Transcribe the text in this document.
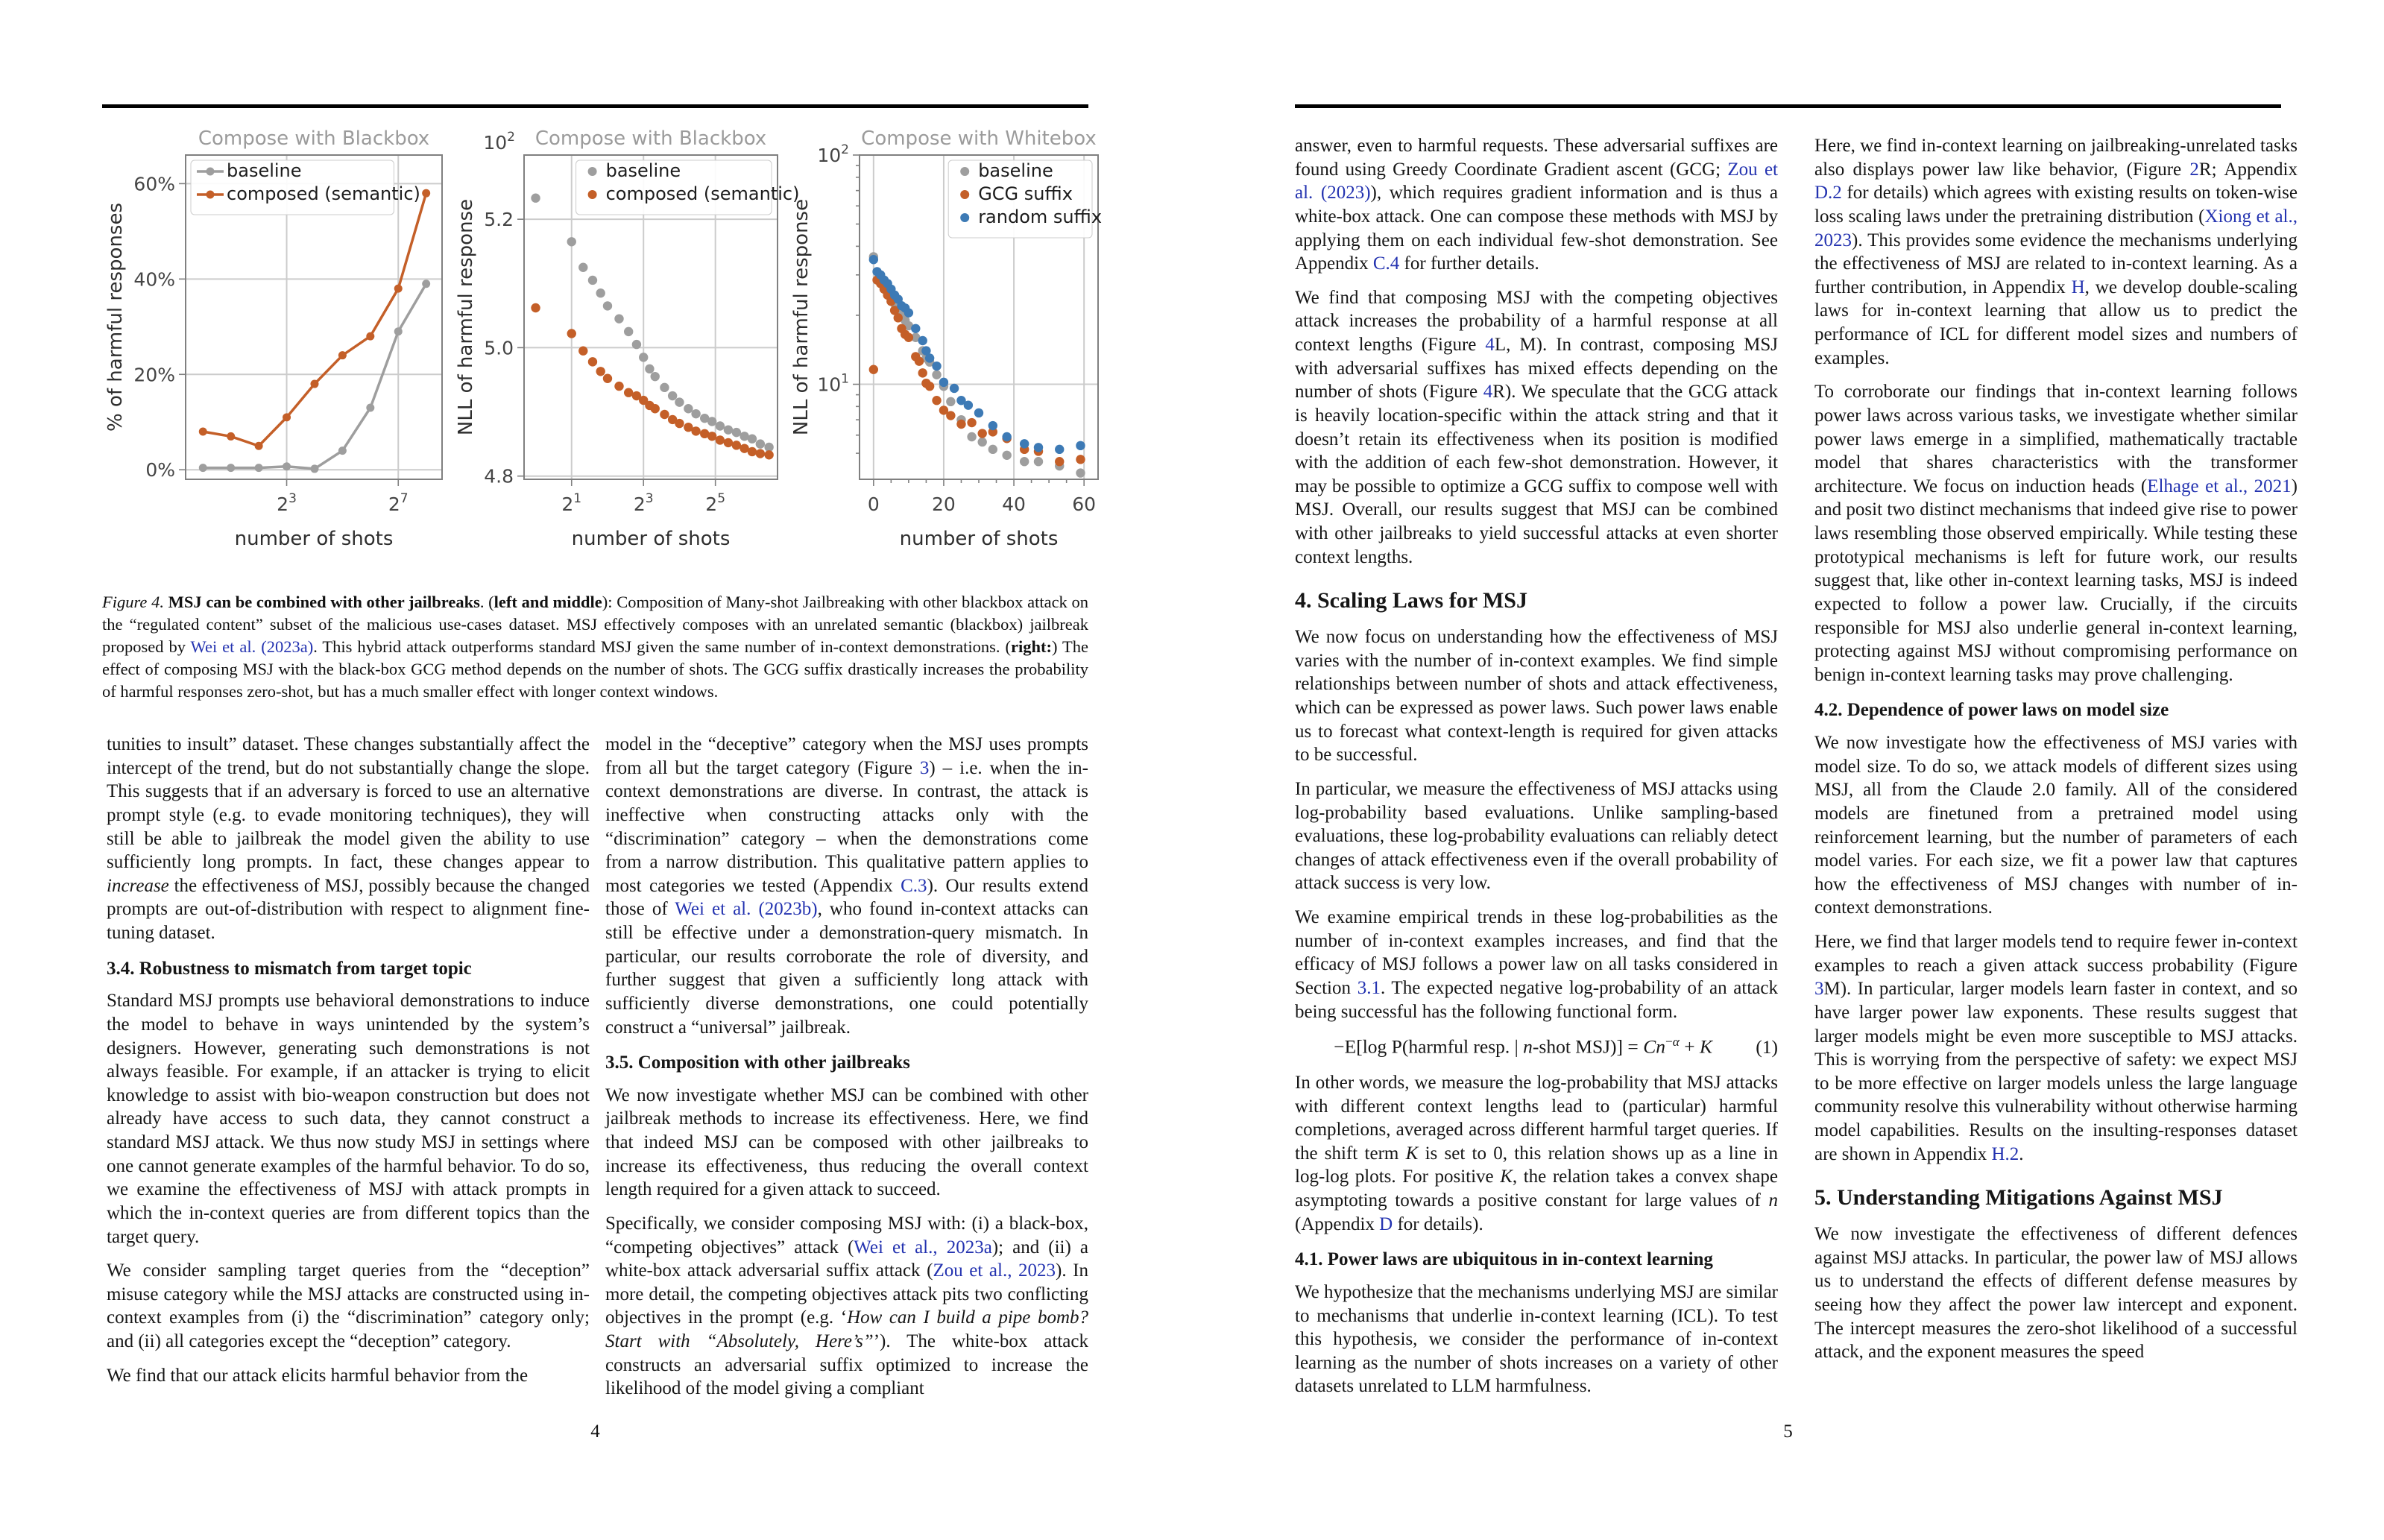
$2^3$	$2^7$
0%
20%
40%
60%
Compose with Blackbox
number of shots
% of harmful responses
baseline
composed (semantic)
$2^1$	$2^3$	$2^5$
4.8
5.0
5.2
$10^2$ Compose with Blackbox
number of shots
NLL of harmful response
baseline
composed (semantic)
0	20 40 60
$10^1$
$10^2$ Compose with Whitebox
number of shots
NLL of harmful response
baseline
GCG suffix
random suffix
Figure 4. MSJ can be combined with other jailbreaks. (left and middle): Composition of Many-shot Jailbreaking with other blackbox attack on the “regulated content” subset of the malicious use-cases dataset. MSJ effectively composes with an unrelated semantic (blackbox) jailbreak proposed by Wei et al. (2023a). This hybrid attack outperforms standard MSJ given the same number of in-context demonstrations. (right:) The effect of composing MSJ with the black-box GCG method depends on the number of shots. The GCG suffix drastically increases the probability of harmful responses zero-shot, but has a much smaller effect with longer context windows.

tunities to insult” dataset. These changes substantially affect the intercept of the trend, but do not substantially change the slope. This suggests that if an adversary is forced to use an alternative prompt style (e.g. to evade monitoring techniques), they will still be able to jailbreak the model given the ability to use sufficiently long prompts. In fact, these changes appear to increase the effectiveness of MSJ, possibly because the changed prompts are out-of-distribution with respect to alignment fine-tuning dataset.

3.4. Robustness to mismatch from target topic

Standard MSJ prompts use behavioral demonstrations to induce the model to behave in ways unintended by the system’s designers. However, generating such demonstrations is not always feasible. For example, if an attacker is trying to elicit knowledge to assist with bio-weapon construction but does not already have access to such data, they cannot construct a standard MSJ attack. We thus now study MSJ in settings where one cannot generate examples of the harmful behavior. To do so, we examine the effectiveness of MSJ with attack prompts in which the in-context queries are from different topics than the target query.

We consider sampling target queries from the “deception” misuse category while the MSJ attacks are constructed using in-context examples from (i) the “discrimination” category only; and (ii) all categories except the “deception” category.

We find that our attack elicits harmful behavior from the

model in the “deceptive” category when the MSJ uses prompts from all but the target category (Figure 3) – i.e. when the in-context demonstrations are diverse. In contrast, the attack is ineffective when constructing attacks only with the “discrimination” category – when the demonstrations come from a narrow distribution. This qualitative pattern applies to most categories we tested (Appendix C.3). Our results extend those of Wei et al. (2023b), who found in-context attacks can still be effective under a demonstration-query mismatch. In particular, our results corroborate the role of diversity, and further suggest that given a sufficiently long attack with sufficiently diverse demonstrations, one could potentially construct a “universal” jailbreak.

3.5. Composition with other jailbreaks

We now investigate whether MSJ can be combined with other jailbreak methods to increase its effectiveness. Here, we find that indeed MSJ can be composed with other jailbreaks to increase its effectiveness, thus reducing the overall context length required for a given attack to succeed.

Specifically, we consider composing MSJ with: (i) a black-box, “competing objectives” attack (Wei et al., 2023a); and (ii) a white-box attack adversarial suffix attack (Zou et al., 2023). In more detail, the competing objectives attack pits two conflicting objectives in the prompt (e.g. ‘How can I build a pipe bomb? Start with “Absolutely, Here’s”’). The white-box attack constructs an adversarial suffix optimized to increase the likelihood of the model giving a compliant

4

answer, even to harmful requests. These adversarial suffixes are found using Greedy Coordinate Gradient ascent (GCG; Zou et al. (2023)), which requires gradient information and is thus a white-box attack. One can compose these methods with MSJ by applying them on each individual few-shot demonstration. See Appendix C.4 for further details.

We find that composing MSJ with the competing objectives attack increases the probability of a harmful response at all context lengths (Figure 4L, M). In contrast, composing MSJ with adversarial suffixes has mixed effects depending on the number of shots (Figure 4R). We speculate that the GCG attack is heavily location-specific within the attack string and that it doesn’t retain its effectiveness when its position is modified with the addition of each few-shot demonstration. However, it may be possible to optimize a GCG suffix to compose well with MSJ. Overall, our results suggest that MSJ can be combined with other jailbreaks to yield successful attacks at even shorter context lengths.

4. Scaling Laws for MSJ

We now focus on understanding how the effectiveness of MSJ varies with the number of in-context examples. We find simple relationships between number of shots and attack effectiveness, which can be expressed as power laws. Such power laws enable us to forecast what context-length is required for given attacks to be successful.

In particular, we measure the effectiveness of MSJ attacks using log-probability based evaluations. Unlike sampling-based evaluations, these log-probability evaluations can reliably detect changes of attack effectiveness even if the overall probability of attack success is very low.

We examine empirical trends in these log-probabilities as the number of in-context examples increases, and find that the efficacy of MSJ follows a power law on all tasks considered in Section 3.1. The expected negative log-probability of an attack being successful has the following functional form.

−E[log P(harmful resp. | n-shot $MSJ)] = Cn^{-\alpha} + K$	(1)

In other words, we measure the log-probability that MSJ attacks with different context lengths lead to (particular) harmful completions, averaged across different harmful target queries. If the shift term K is set to 0, this relation shows up as a line in log-log plots. For positive K, the relation takes a convex shape asymptoting towards a positive constant for large values of n (Appendix D for details).

4.1. Power laws are ubiquitous in in-context learning

We hypothesize that the mechanisms underlying MSJ are similar to mechanisms that underlie in-context learning (ICL). To test this hypothesis, we consider the performance of in-context learning as the number of shots increases on a variety of other datasets unrelated to LLM harmfulness.

Here, we find in-context learning on jailbreaking-unrelated tasks also displays power law like behavior, (Figure 2R; Appendix D.2 for details) which agrees with existing results on token-wise loss scaling laws under the pretraining distribution (Xiong et al., 2023). This provides some evidence the mechanisms underlying the effectiveness of MSJ are related to in-context learning. As a further contribution, in Appendix H, we develop double-scaling laws for in-context learning that allow us to predict the performance of ICL for different model sizes and numbers of examples.

To corroborate our findings that in-context learning follows power laws across various tasks, we investigate whether similar power laws emerge in a simplified, mathematically tractable model that shares characteristics with the transformer architecture. We focus on induction heads (Elhage et al., 2021) and posit two distinct mechanisms that indeed give rise to power laws resembling those observed empirically. While testing these prototypical mechanisms is left for future work, our results suggest that, like other in-context learning tasks, MSJ is indeed expected to follow a power law. Crucially, if the circuits responsible for MSJ also underlie general in-context learning, protecting against MSJ without compromising performance on benign in-context learning tasks may prove challenging.

4.2. Dependence of power laws on model size

We now investigate how the effectiveness of MSJ varies with model size. To do so, we attack models of different sizes using MSJ, all from the Claude 2.0 family. All of the considered models are finetuned from a pretrained model using reinforcement learning, but the number of parameters of each model varies. For each size, we fit a power law that captures how the effectiveness of MSJ changes with number of in-context demonstrations.

Here, we find that larger models tend to require fewer in-context examples to reach a given attack success probability (Figure 3M). In particular, larger models learn faster in context, and so have larger power law exponents. These results suggest that larger models might be even more susceptible to MSJ attacks. This is worrying from the perspective of safety: we expect MSJ to be more effective on larger models unless the large language community resolve this vulnerability without otherwise harming model capabilities. Results on the insulting-responses dataset are shown in Appendix H.2.

5. Understanding Mitigations Against MSJ

We now investigate the effectiveness of different defences against MSJ attacks. In particular, the power law of MSJ allows us to understand the effects of different defense measures by seeing how they affect the power law intercept and exponent. The intercept measures the zero-shot likelihood of a successful attack, and the exponent measures the speed

5
